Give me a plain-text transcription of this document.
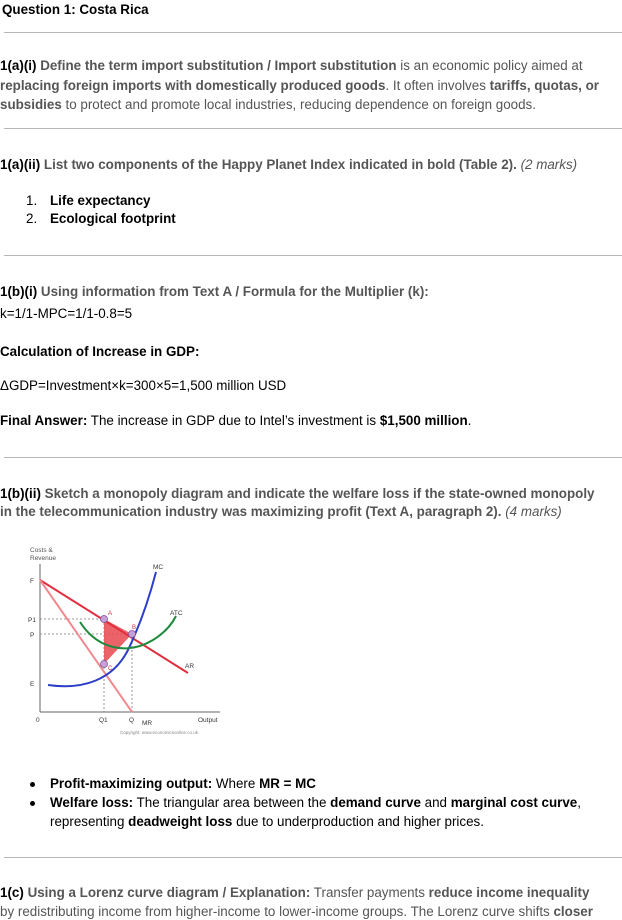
Question 1: Costa Rica
1(a)(i) Define the term import substitution / Import substitution is an economic policy aimed at
replacing foreign imports with domestically produced goods. It often involves tariffs, quotas, or
subsidies to protect and promote local industries, reducing dependence on foreign goods.
1(a)(ii) List two components of the Happy Planet Index indicated in bold (Table 2). (2 marks)
1. Life expectancy
2. Ecological footprint
1(b)(i) Using information from Text A / Formula for the Multiplier (k):
k=1/1-MPC=1/1-0.8=5
Calculation of Increase in GDP:
ΔGDP=Investment×k=300×5=1,500 million USD
Final Answer: The increase in GDP due to Intel’s investment is $1,500 million.
1(b)(ii) Sketch a monopoly diagram and indicate the welfare loss if the state-owned monopoly
in the telecommunication industry was maximizing profit (Text A, paragraph 2). (4 marks)
Costs &
Revenue
F
P1
P
E
0	Q1	Q MR
MC
ATC
AR
A
B
C
Output
Copyright: www.economicsonline.co.uk
Profit-maximizing output: Where MR = MC
Welfare loss: The triangular area between the demand curve and marginal cost curve,
representing deadweight loss due to underproduction and higher prices.
1(c) Using a Lorenz curve diagram / Explanation: Transfer payments reduce income inequality
by redistributing income from higher-income to lower-income groups. The Lorenz curve shifts closer
